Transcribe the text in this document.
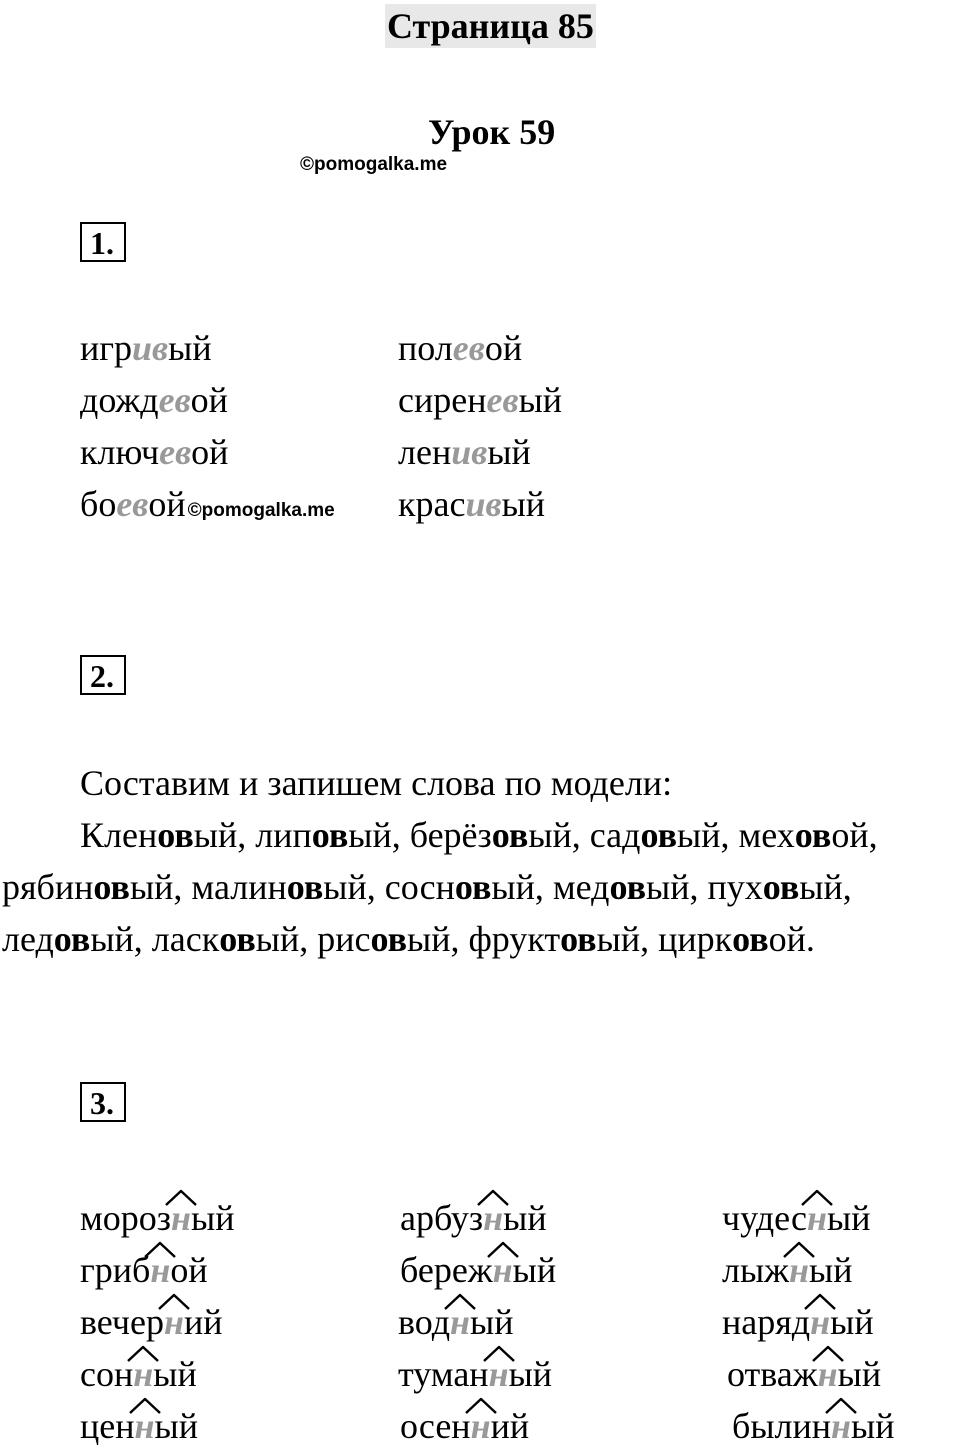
Страница 85
Урок 59
©pomogalka.me
1.
игривый
дождевой
ключевой
боевой ©pomogalka.me
полевой
сиреневый
ленивый
красивый
2.
Составим и запишем слова по модели:
Кленовый, липовый, берёзовый, садовый, меховой,
рябиновый, малиновый, сосновый, медовый, пуховый,
ледовый, ласковый, рисовый, фруктовый, цирковой.
3.
мороз
ный
гриб
ной
вечер
ний
сон
ный
цен
ный
арбуз
ный
береж
ный
вод
ный
туман
ный
осен
ний
чудес
ный
лыж
ный
наряд
ный
отваж
ный
былин
ный
